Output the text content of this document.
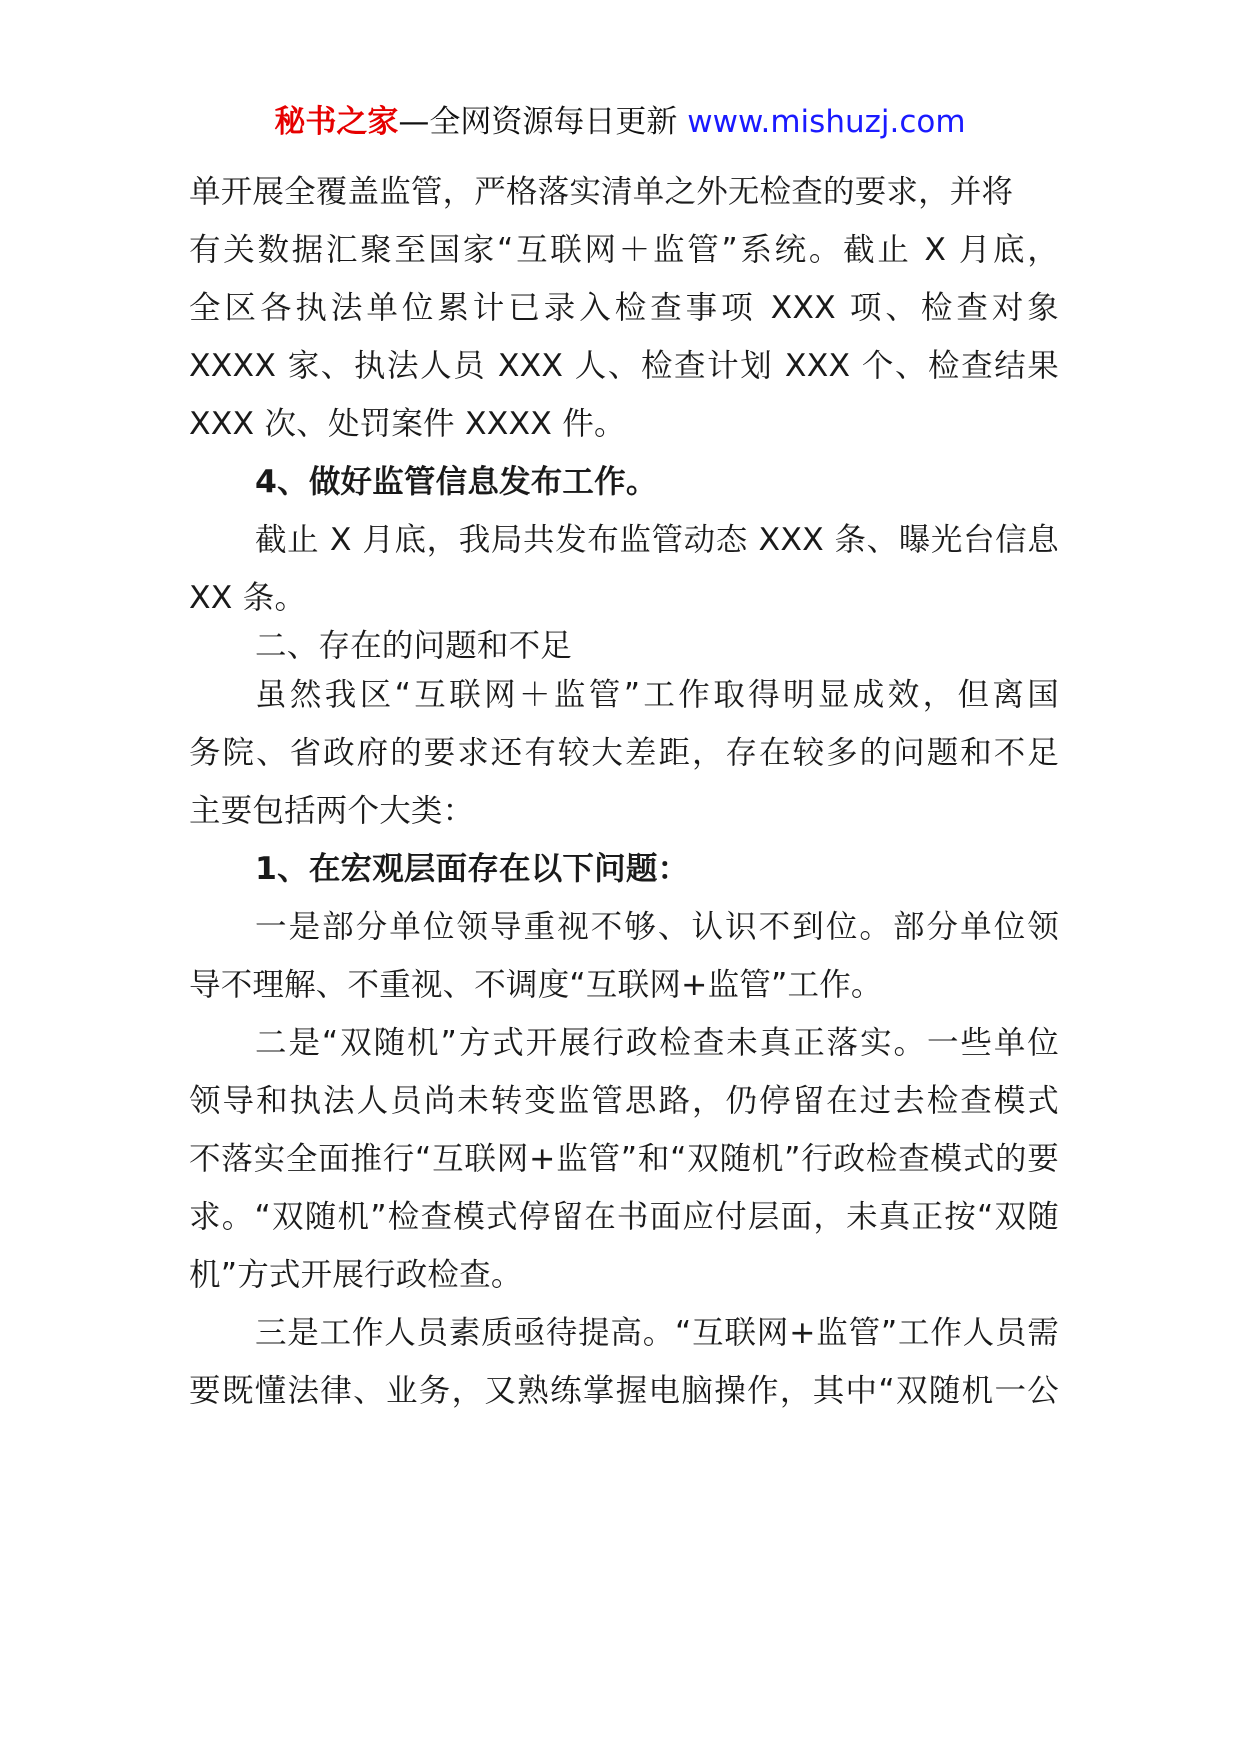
秘书之家—全网资源每日更新 www.mishuzj.com
单开展全覆盖监管，严格落实清单之外无检查的要求，并将
有关数据汇聚至国家“互联网＋监管”系统。截止 X 月底，
全区各执法单位累计已录入检查事项 XXX 项、检查对象
XXXX 家、执法人员 XXX 人、检查计划 XXX 个、检查结果
XXX 次、处罚案件 XXXX 件。
4、做好监管信息发布工作。
截止 X 月底，我局共发布监管动态 XXX 条、曝光台信息
XX 条。
二、存在的问题和不足
虽然我区“互联网＋监管”工作取得明显成效，但离国
务院、省政府的要求还有较大差距，存在较多的问题和不足
主要包括两个大类：
1、在宏观层面存在以下问题：
一是部分单位领导重视不够、认识不到位。部分单位领
导不理解、不重视、不调度“互联网+监管”工作。
二是“双随机”方式开展行政检查未真正落实。一些单位
领导和执法人员尚未转变监管思路，仍停留在过去检查模式
不落实全面推行“互联网+监管”和“双随机”行政检查模式的要
求。“双随机”检查模式停留在书面应付层面，未真正按“双随
机”方式开展行政检查。
三是工作人员素质亟待提高。“互联网+监管”工作人员需
要既懂法律、业务，又熟练掌握电脑操作，其中“双随机一公
